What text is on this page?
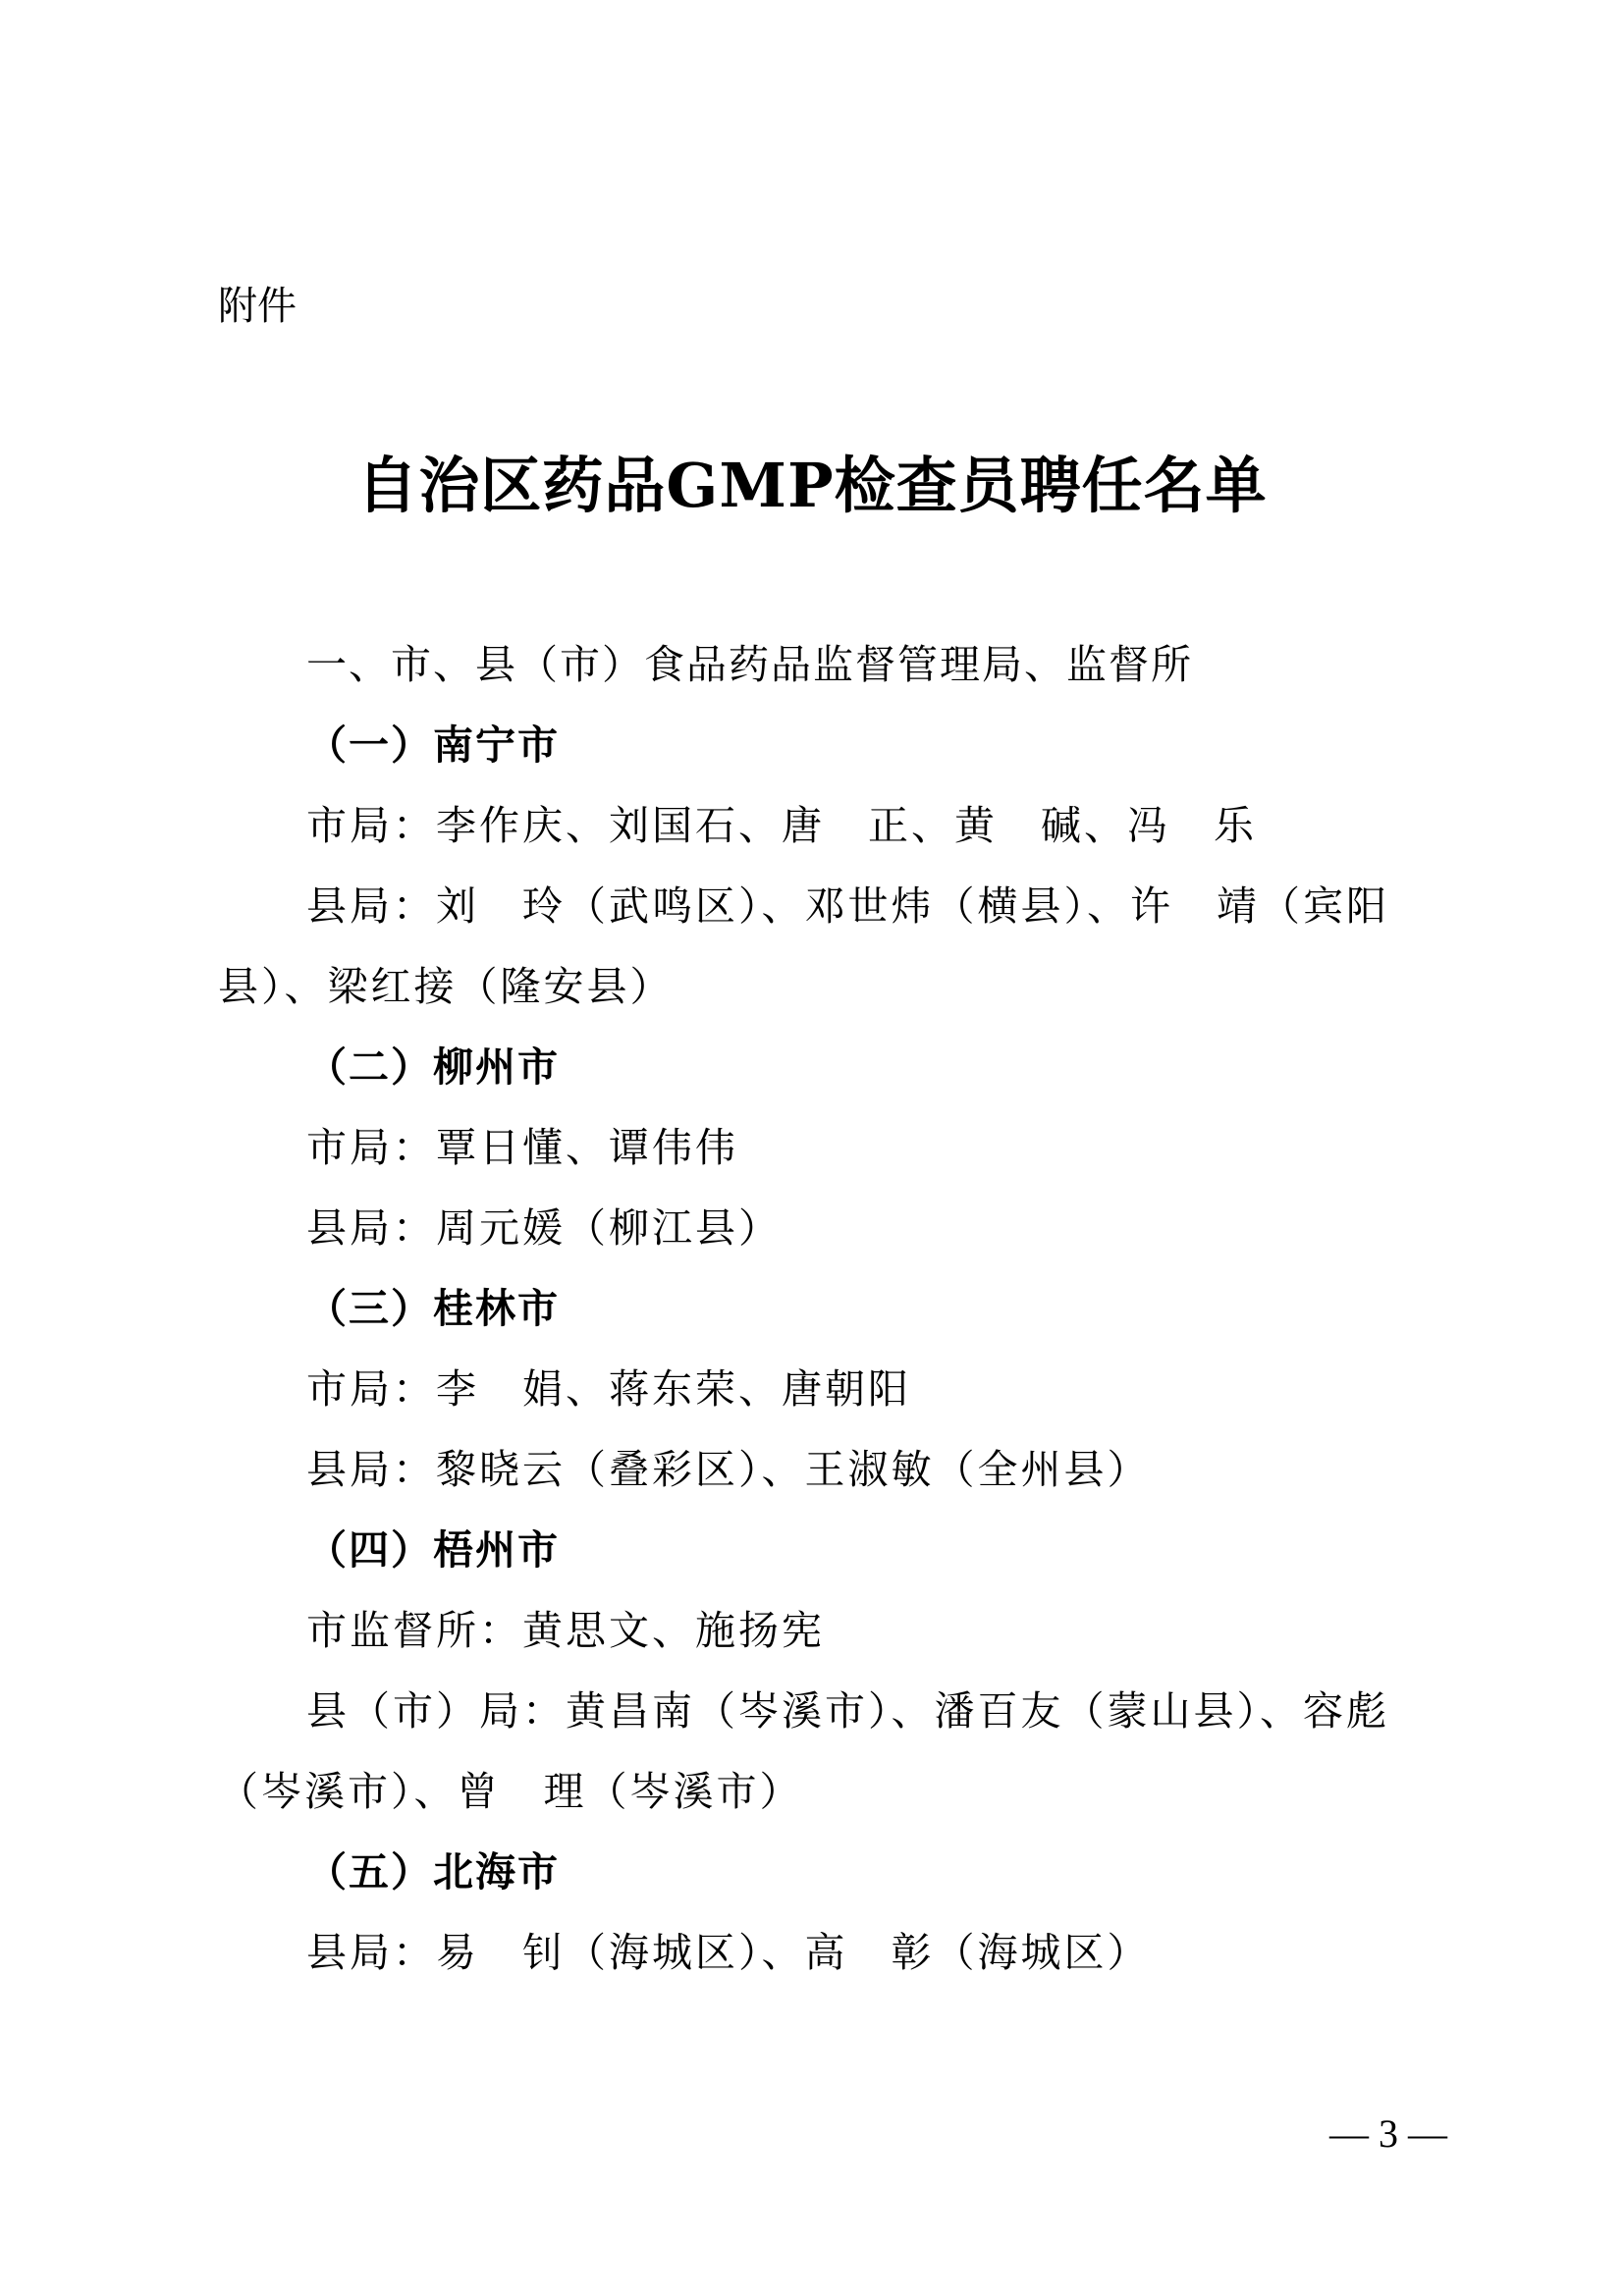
附件
自治区药品GMP检查员聘任名单

一、市、县（市）食品药品监督管理局、监督所

（一）南宁市

市局：李作庆、刘国石、唐　正、黄　碱、冯　乐

县局：刘　玲（武鸣区）、邓世炜（横县）、许　靖（宾阳县）、梁红接（隆安县）

（二）柳州市

市局：覃日懂、谭伟伟

县局：周元媛（柳江县）

（三）桂林市

市局：李　娟、蒋东荣、唐朝阳

县局：黎晓云（叠彩区）、王淑敏（全州县）

（四）梧州市

市监督所：黄思文、施扬宪

县（市）局：黄昌南（岑溪市）、潘百友（蒙山县）、容彪（岑溪市）、曾　理（岑溪市）

（五）北海市

县局：易　钊（海城区）、高　彰（海城区）

— 3 —
